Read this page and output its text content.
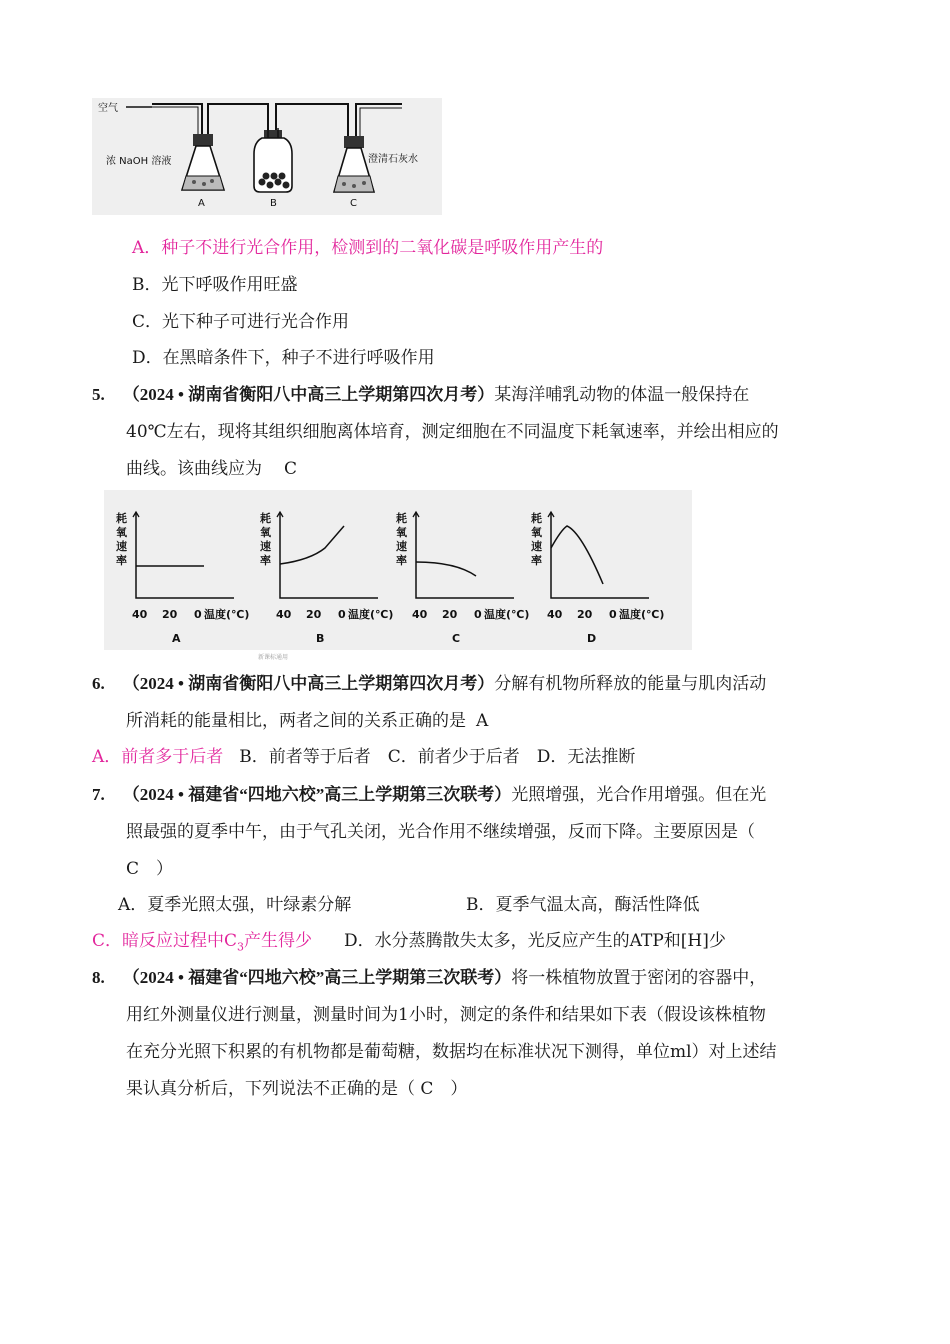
空气
浓 NaOH 溶液	澄清石灰水
A	B	C
A．种子不进行光合作用，检测到的二氧化碳是呼吸作用产生的
B．光下呼吸作用旺盛
C．光下种子可进行光合作用
D．在黑暗条件下，种子不进行呼吸作用
5. （2024 • 湖南省衡阳八中高三上学期第四次月考）某海洋哺乳动物的体温一般保持在
40℃左右，现将其组织细胞离体培育，测定细胞在不同温度下耗氧速率，并绘出相应的
曲线。该曲线应为 C
耗
氧
速
率
40 20 0 温度(℃)
A
耗
氧
速
率
40 20 0 温度(℃)
B
耗
氧
速
率
40 20 0 温度(℃)
C
耗
氧
速
率
40 20 0 温度(℃)
D
新课标通用
6. （2024 • 湖南省衡阳八中高三上学期第四次月考）分解有机物所释放的能量与肌肉活动
所消耗的能量相比，两者之间的关系正确的是 A
A．前者多于后者 B．前者等于后者　C．前者少于后者　D．无法推断
7. （2024 • 福建省“四地六校”高三上学期第三次联考）光照增强，光合作用增强。但在光
照最强的夏季中午，由于气孔关闭，光合作用不继续增强，反而下降。主要原因是（
C　）
A．夏季光照太强，叶绿素分解	B．夏季气温太高，酶活性降低
C．暗反应过程中$C_3$产生得少 D．水分蒸腾散失太多，光反应产生的ATP和[H]少
8. （2024 • 福建省“四地六校”高三上学期第三次联考）将一株植物放置于密闭的容器中，
用红外测量仪进行测量，测量时间为1小时，测定的条件和结果如下表（假设该株植物
在充分光照下积累的有机物都是葡萄糖，数据均在标准状况下测得，单位ml）对上述结
果认真分析后，下列说法不正确的是（ C　）
